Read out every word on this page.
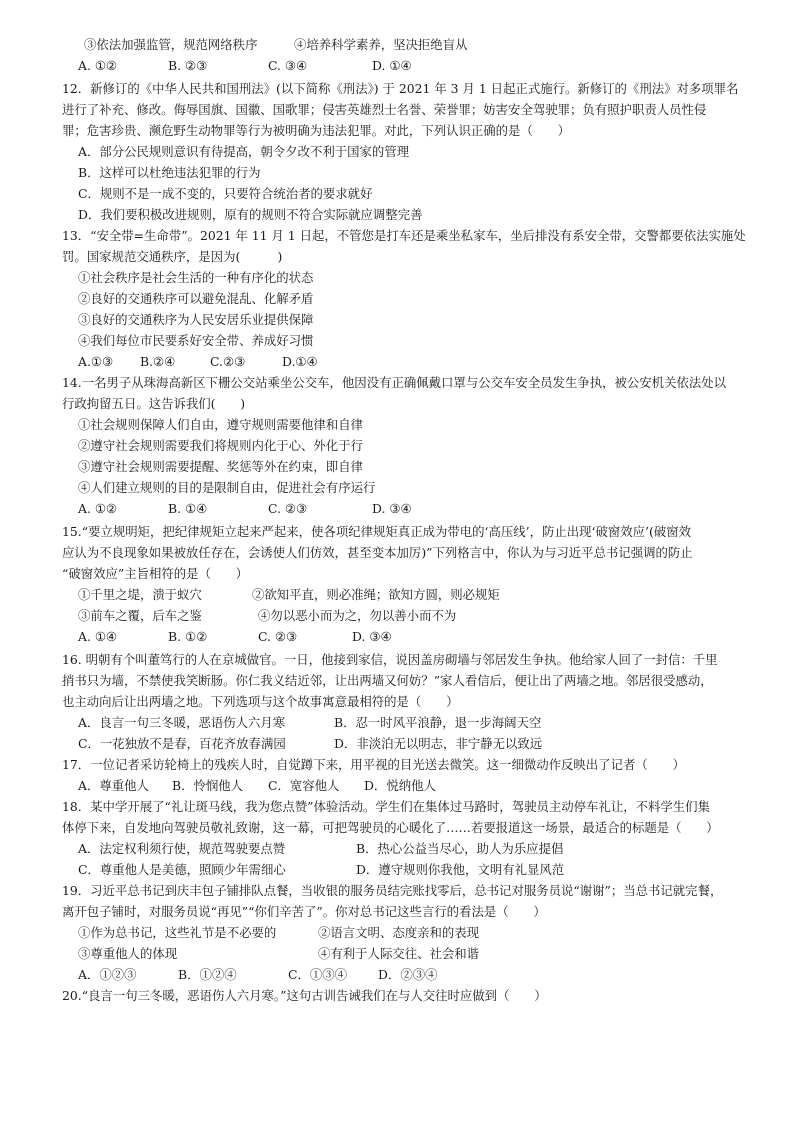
③依法加强监管，规范网络秩序	④培养科学素养，坚决拒绝盲从
A. ①②	B. ②③	C. ③④	D. ①④
12．新修订的《中华人民共和国刑法》(以下简称《刑法》) 于 2021 年 3 月 1 日起正式施行。新修订的《刑法》对多项罪名
进行了补充、修改。侮辱国旗、国徽、国歌罪；侵害英雄烈士名誉、荣誉罪；妨害安全驾驶罪；负有照护职责人员性侵
罪；危害珍贵、濒危野生动物罪等行为被明确为违法犯罪。对此，下列认识正确的是（　　）
A．部分公民规则意识有待提高，朝令夕改不利于国家的管理
B．这样可以杜绝违法犯罪的行为
C．规则不是一成不变的，只要符合统治者的要求就好
D．我们要积极改进规则，原有的规则不符合实际就应调整完善
13．“安全带=生命带”。2021 年 11 月 1 日起，不管您是打车还是乘坐私家车，坐后排没有系安全带，交警都要依法实施处
罚。国家规范交通秩序，是因为(　　　)
①社会秩序是社会生活的一种有序化的状态
②良好的交通秩序可以避免混乱、化解矛盾
③良好的交通秩序为人民安居乐业提供保障
④我们每位市民要系好安全带、养成好习惯
A.①③ B.②④	C.②③	D.①④
14.一名男子从珠海高新区下栅公交站乘坐公交车，他因没有正确佩戴口罩与公交车安全员发生争执，被公安机关依法处以
行政拘留五日。这告诉我们(　　)
①社会规则保障人们自由，遵守规则需要他律和自律
②遵守社会规则需要我们将规则内化于心、外化于行
③遵守社会规则需要提醒、奖惩等外在约束，即自律
④人们建立规则的目的是限制自由，促进社会有序运行
A. ①②	B. ①④	C. ②③	D. ③④
15.“要立规明矩，把纪律规矩立起来严起来，使各项纪律规矩真正成为带电的‘高压线’，防止出现‘破窗效应’(破窗效
应认为不良现象如果被放任存在，会诱使人们仿效，甚至变本加厉)”下列格言中，你认为与习近平总书记强调的防止
“破窗效应”主旨相符的是（　　）
①千里之堤，溃于蚁穴	②欲知平直，则必准绳；欲知方圆，则必规矩
③前车之覆，后车之鉴	④勿以恶小而为之，勿以善小而不为
A. ①④	B. ①②	C. ②③	D. ③④
16. 明朝有个叫董笃行的人在京城做官。一日，他接到家信，说因盖房砌墙与邻居发生争执。他给家人回了一封信：千里
捎书只为墙，不禁使我笑断肠。你仁我义结近邻，让出两墙又何妨？”家人看信后，便让出了两墙之地。邻居很受感动，
也主动向后让出两墙之地。下列选项与这个故事寓意最相符的是（　　）
A．良言一句三冬暖，恶语伤人六月寒	B．忍一时风平浪静，退一步海阔天空
C．一花独放不是春，百花齐放春满园	D．非淡泊无以明志，非宁静无以致远
17．一位记者采访轮椅上的残疾人时，自觉蹲下来，用平视的目光送去微笑。这一细微动作反映出了记者（　　）
A．尊重他人 B．怜悯他人 C．宽容他人 D．悦纳他人
18．某中学开展了“礼让斑马线，我为您点赞”体验活动。学生们在集体过马路时，驾驶员主动停车礼让，不料学生们集
体停下来，自发地向驾驶员敬礼致谢，这一幕，可把驾驶员的心暖化了……若要报道这一场景，最适合的标题是（　　）
A．法定权利须行使，规范驾驶要点赞	B．热心公益当尽心，助人为乐应提倡
C．尊重他人是美德，照顾少年需细心	D．遵守规则你我他，文明有礼显风范
19．习近平总书记到庆丰包子铺排队点餐，当收银的服务员结完账找零后，总书记对服务员说“谢谢”；当总书记就完餐，
离开包子铺时，对服务员说“再见”“你们辛苦了”。你对总书记这些言行的看法是（　　）
①作为总书记，这些礼节是不必要的	②语言文明、态度亲和的表现
③尊重他人的体现	④有利于人际交往、社会和谐
A．①②③	B．①②④	C．①③④ D．②③④
20.“良言一句三冬暖，恶语伤人六月寒。”这句古训告诫我们在与人交往时应做到（　　）
